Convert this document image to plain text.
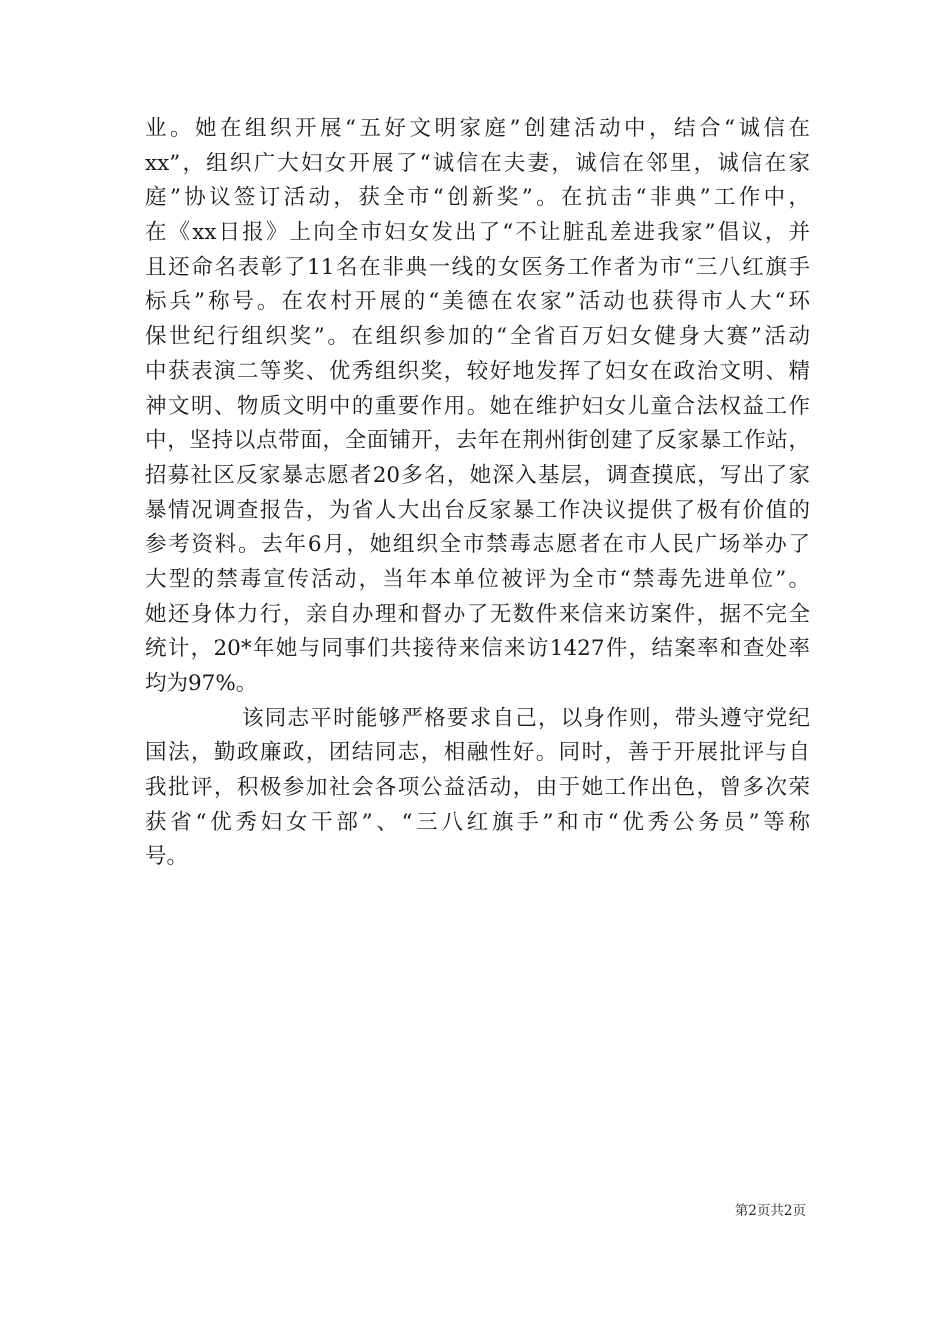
业。她在组织开展“五好文明家庭”创建活动中，结合“诚信在
xx”，组织广大妇女开展了“诚信在夫妻，诚信在邻里，诚信在家
庭”协议签订活动，获全市“创新奖”。在抗击“非典”工作中，
在《xx日报》上向全市妇女发出了“不让脏乱差进我家”倡议，并
且还命名表彰了11名在非典一线的女医务工作者为市“三八红旗手
标兵”称号。在农村开展的“美德在农家”活动也获得市人大“环
保世纪行组织奖”。在组织参加的“全省百万妇女健身大赛”活动
中获表演二等奖、优秀组织奖，较好地发挥了妇女在政治文明、精
神文明、物质文明中的重要作用。她在维护妇女儿童合法权益工作
中，坚持以点带面，全面铺开，去年在荆州街创建了反家暴工作站，
招募社区反家暴志愿者20多名，她深入基层，调查摸底，写出了家
暴情况调查报告，为省人大出台反家暴工作决议提供了极有价值的
参考资料。去年6月，她组织全市禁毒志愿者在市人民广场举办了
大型的禁毒宣传活动，当年本单位被评为全市“禁毒先进单位”。
她还身体力行，亲自办理和督办了无数件来信来访案件，据不完全
统计，20*年她与同事们共接待来信来访1427件，结案率和查处率
均为97%。
该同志平时能够严格要求自己，以身作则，带头遵守党纪
国法，勤政廉政，团结同志，相融性好。同时，善于开展批评与自
我批评，积极参加社会各项公益活动，由于她工作出色，曾多次荣
获省“优秀妇女干部”、“三八红旗手”和市“优秀公务员”等称
号。
第2页共2页
